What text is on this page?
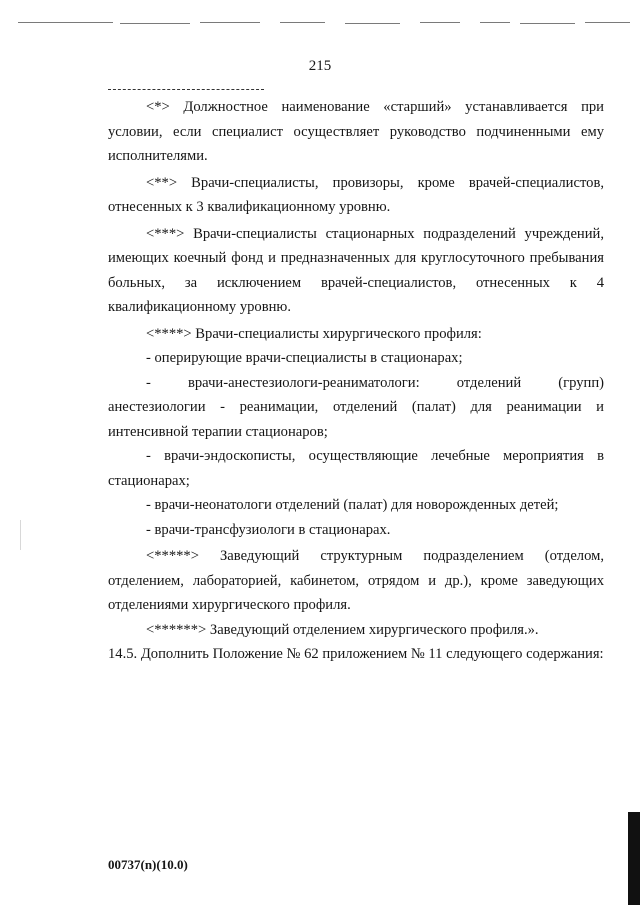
215

<*> Должностное наименование «старший» устанавливается при условии, если специалист осуществляет руководство подчиненными ему исполнителями.

<**> Врачи-специалисты, провизоры, кроме врачей-специалистов, отнесенных к 3 квалификационному уровню.

<***> Врачи-специалисты стационарных подразделений учреждений, имеющих коечный фонд и предназначенных для круглосуточного пребывания больных, за исключением врачей-специалистов, отнесенных к 4 квалификационному уровню.

<****> Врачи-специалисты хирургического профиля:

- оперирующие врачи-специалисты в стационарах;

- врачи-анестезиологи-реаниматологи: отделений (групп) анестезиологии - реанимации, отделений (палат) для реанимации и интенсивной терапии стационаров;

- врачи-эндоскописты, осуществляющие лечебные мероприятия в стационарах;

- врачи-неонатологи отделений (палат) для новорожденных детей;

- врачи-трансфузиологи в стационарах.

<*****> Заведующий структурным подразделением (отделом, отделением, лабораторией, кабинетом, отрядом и др.), кроме заведующих отделениями хирургического профиля.

<******> Заведующий отделением хирургического профиля.».

14.5. Дополнить Положение № 62 приложением № 11 следующего содержания:

00737(n)(10.0)
